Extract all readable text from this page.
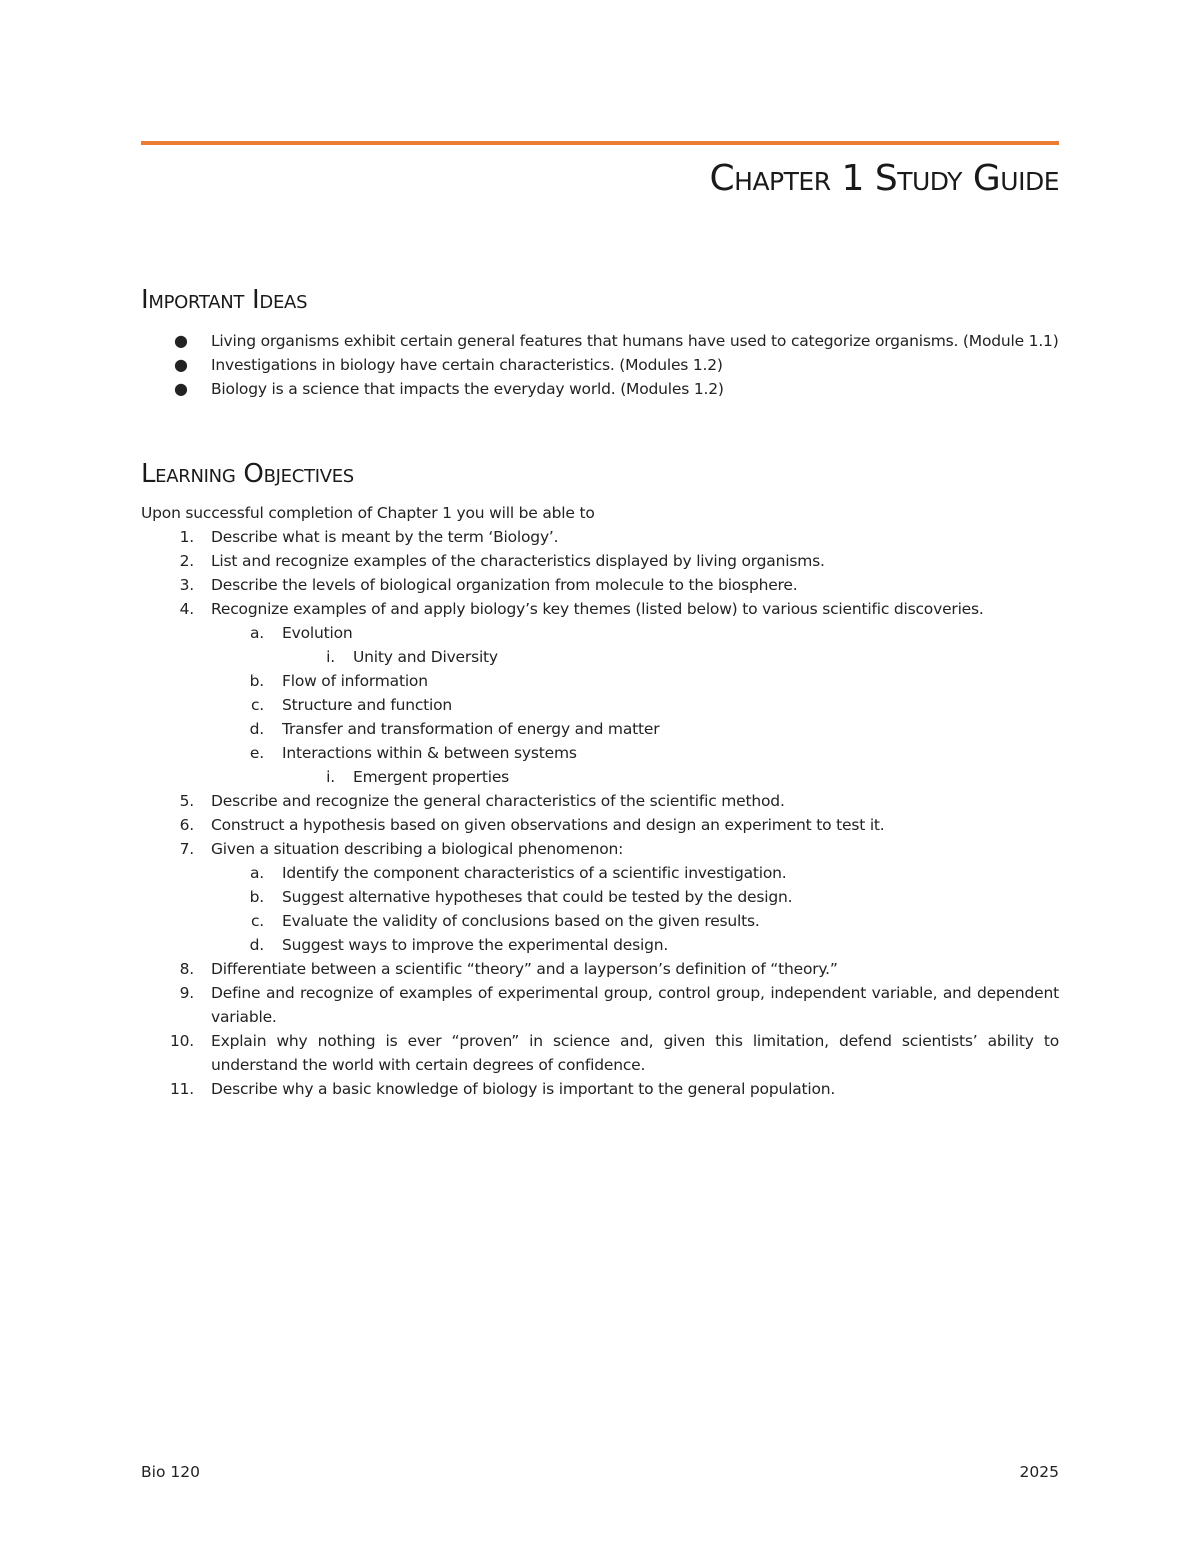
Chapter 1 Study Guide
Important Ideas
● Living organisms exhibit certain general features that humans have used to categorize organisms. (Module 1.1)
● Investigations in biology have certain characteristics. (Modules 1.2)
● Biology is a science that impacts the everyday world. (Modules 1.2)
Learning Objectives

Upon successful completion of Chapter 1 you will be able to

1. Describe what is meant by the term ‘Biology’.
2. List and recognize examples of the characteristics displayed by living organisms.
3. Describe the levels of biological organization from molecule to the biosphere.
4. Recognize examples of and apply biology’s key themes (listed below) to various scientific discoveries.
a. Evolution
i. Unity and Diversity
b. Flow of information
c. Structure and function
d. Transfer and transformation of energy and matter
e. Interactions within & between systems
i. Emergent properties
5. Describe and recognize the general characteristics of the scientific method.
6. Construct a hypothesis based on given observations and design an experiment to test it.
7. Given a situation describing a biological phenomenon:
a. Identify the component characteristics of a scientific investigation.
b. Suggest alternative hypotheses that could be tested by the design.
c. Evaluate the validity of conclusions based on the given results.
d. Suggest ways to improve the experimental design.
8. Differentiate between a scientific “theory” and a layperson’s definition of “theory.”
9. Define and recognize of examples of experimental group, control group, independent variable, and dependent variable.
10. Explain why nothing is ever “proven” in science and, given this limitation, defend scientists’ ability to understand the world with certain degrees of confidence.
11. Describe why a basic knowledge of biology is important to the general population.
Bio 120	2025
